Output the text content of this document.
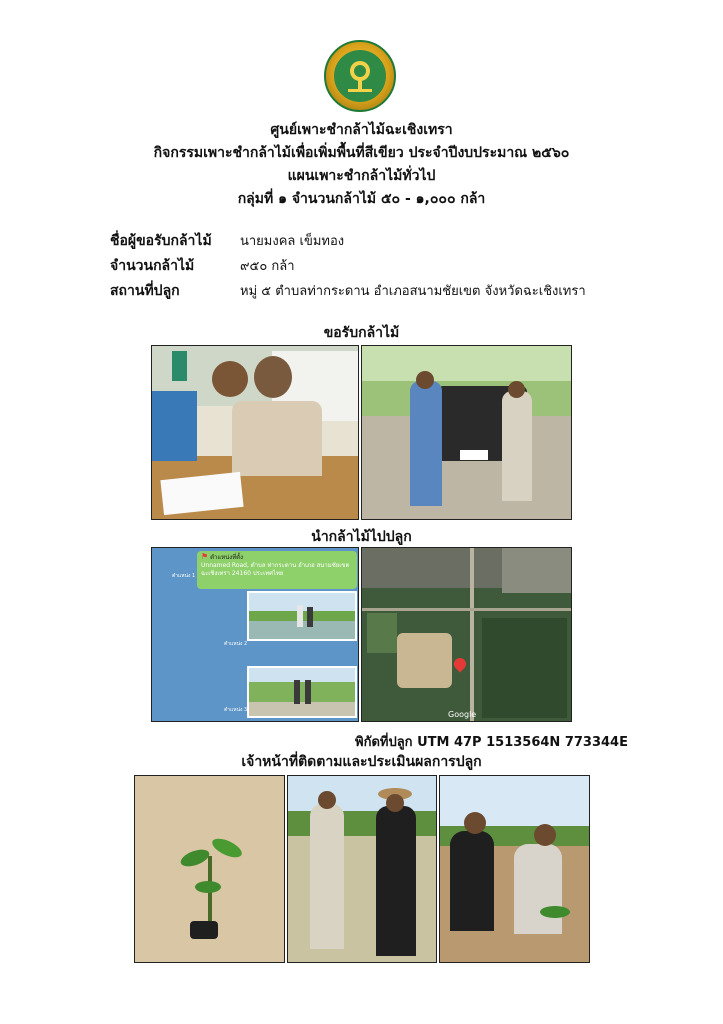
ศูนย์เพาะชำกล้าไม้ฉะเชิงเทรา
กิจกรรมเพาะชำกล้าไม้เพื่อเพิ่มพื้นที่สีเขียว ประจำปีงบประมาณ ๒๕๖๐
แผนเพาะชำกล้าไม้ทั่วไป
กลุ่มที่ ๑ จำนวนกล้าไม้ ๕๐ - ๑,๐๐๐ กล้า
ชื่อผู้ขอรับกล้าไม้	นายมงคล เข็มทอง
จำนวนกล้าไม้	๙๕๐ กล้า
สถานที่ปลูก	หมู่ ๕ ตำบลท่ากระดาน อำเภอสนามชัยเขต จังหวัดฉะเชิงเทรา
ขอรับกล้าไม้
นำกล้าไม้ไปปลูก
⚑ ตำแหน่งที่ตั้ง
Unnamed Road, ตำบล ท่ากระดาน อำเภอ สนามชัยเขต ฉะเชิงเทรา 24160 ประเทศไทย
ตำแหน่ง 1
ตำแหน่ง 2
ตำแหน่ง 3	Google
พิกัดที่ปลูก UTM 47P 1513564N 773344E
เจ้าหน้าที่ติดตามและประเมินผลการปลูก
